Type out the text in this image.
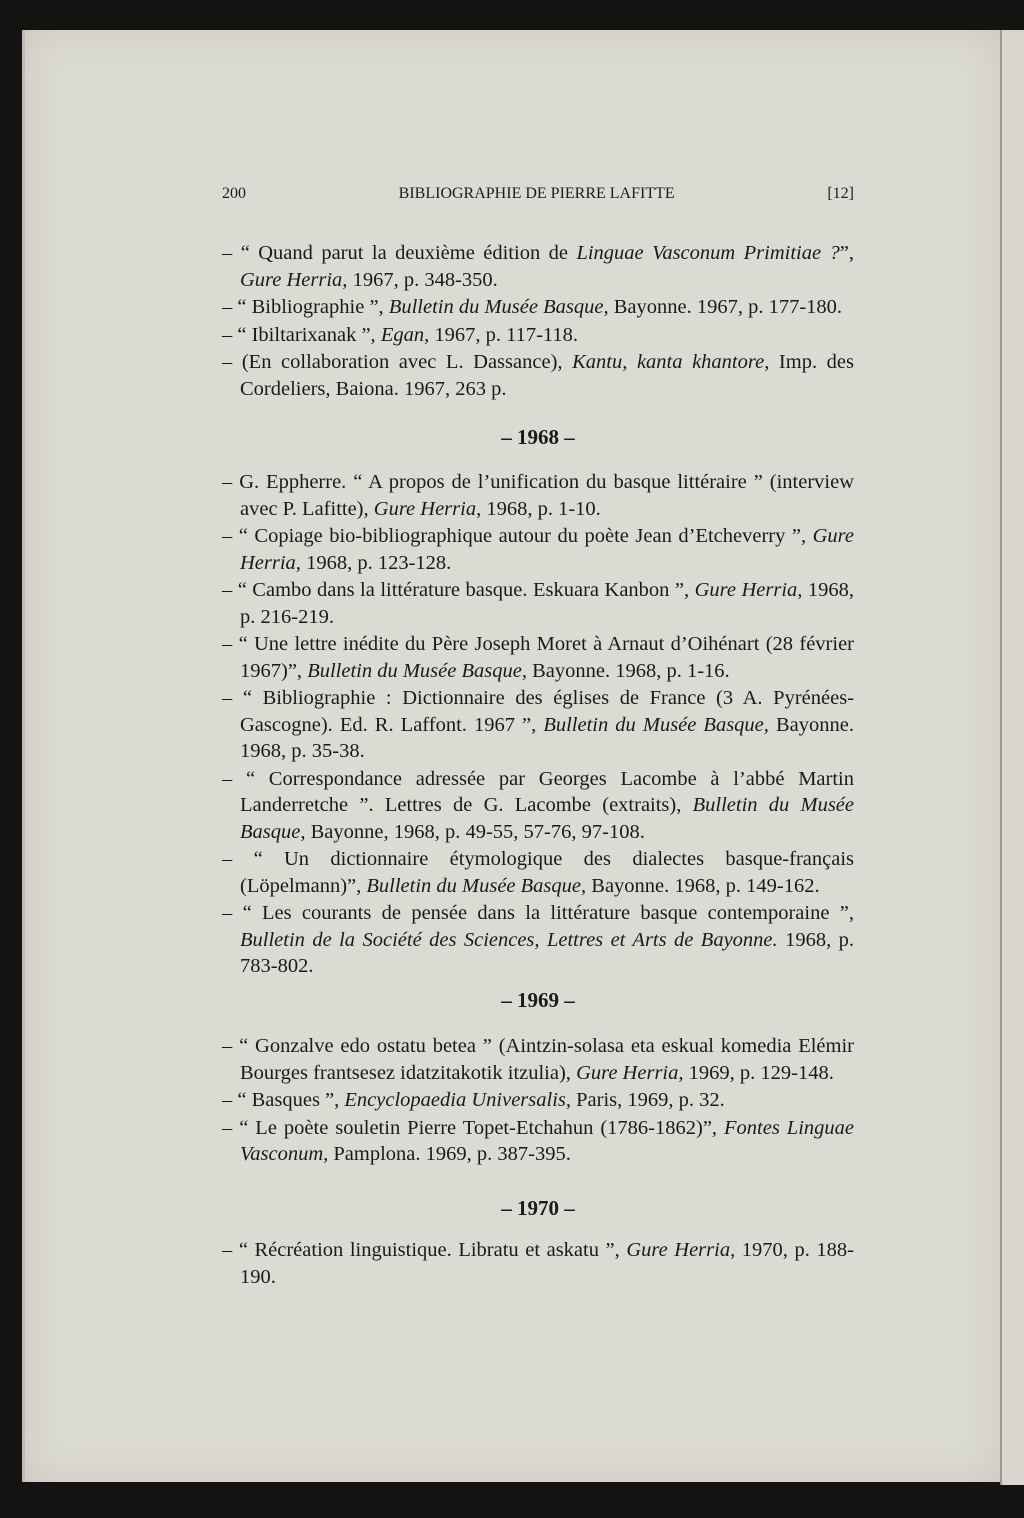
200	BIBLIOGRAPHIE DE PIERRE LAFITTE	[12]
– “ Quand parut la deuxième édition de Linguae Vasconum Primitiae ?”, Gure Herria, 1967, p. 348-350.
– “ Bibliographie ”, Bulletin du Musée Basque, Bayonne. 1967, p. 177-180.
– “ Ibiltarixanak ”, Egan, 1967, p. 117-118.
– (En collaboration avec L. Dassance), Kantu, kanta khantore, Imp. des Cordeliers, Baiona. 1967, 263 p.
– 1968 –
– G. Eppherre. “ A propos de l’unification du basque littéraire ” (interview avec P. Lafitte), Gure Herria, 1968, p. 1-10.
– “ Copiage bio-bibliographique autour du poète Jean d’Etcheverry ”, Gure Herria, 1968, p. 123-128.
– “ Cambo dans la littérature basque. Eskuara Kanbon ”, Gure Herria, 1968, p. 216-219.
– “ Une lettre inédite du Père Joseph Moret à Arnaut d’Oihénart (28 février 1967)”, Bulletin du Musée Basque, Bayonne. 1968, p. 1-16.
– “ Bibliographie : Dictionnaire des églises de France (3 A. Pyrénées-Gascogne). Ed. R. Laffont. 1967 ”, Bulletin du Musée Basque, Bayonne. 1968, p. 35-38.
– “ Correspondance adressée par Georges Lacombe à l’abbé Martin Landerretche ”. Lettres de G. Lacombe (extraits), Bulletin du Musée Basque, Bayonne, 1968, p. 49-55, 57-76, 97-108.
– “ Un dictionnaire étymologique des dialectes basque-français (Löpelmann)”, Bulletin du Musée Basque, Bayonne. 1968, p. 149-162.
– “ Les courants de pensée dans la littérature basque contemporaine ”, Bulletin de la Société des Sciences, Lettres et Arts de Bayonne. 1968, p. 783-802.
– 1969 –
– “ Gonzalve edo ostatu betea ” (Aintzin-solasa eta eskual komedia Elémir Bourges frantsesez idatzitakotik itzulia), Gure Herria, 1969, p. 129-148.
– “ Basques ”, Encyclopaedia Universalis, Paris, 1969, p. 32.
– “ Le poète souletin Pierre Topet-Etchahun (1786-1862)”, Fontes Linguae Vasconum, Pamplona. 1969, p. 387-395.
– 1970 –
– “ Récréation linguistique. Libratu et askatu ”, Gure Herria, 1970, p. 188-190.
